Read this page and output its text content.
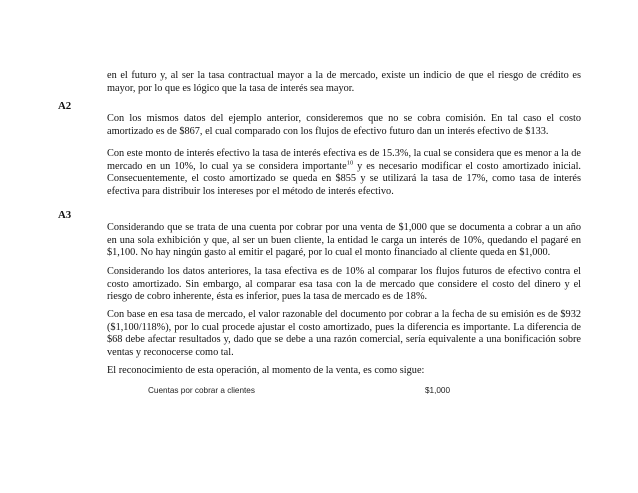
en el futuro y, al ser la tasa contractual mayor a la de mercado, existe un indicio de que el riesgo de crédito es mayor, por lo que es lógico que la tasa de interés sea mayor.

A2

Con los mismos datos del ejemplo anterior, consideremos que no se cobra comisión. En tal caso el costo amortizado es de $867, el cual comparado con los flujos de efectivo futuro dan un interés efectivo de $133.

Con este monto de interés efectivo la tasa de interés efectiva es de 15.3%, la cual se considera que es menor a la de mercado en un 10%, lo cual ya se considera importante$^{10}$ y es necesario modificar el costo amortizado inicial. Consecuentemente, el costo amortizado se queda en $855 y se utilizará la tasa de 17%, como tasa de interés efectiva para distribuir los intereses por el método de interés efectivo.

A3

Considerando que se trata de una cuenta por cobrar por una venta de $1,000 que se documenta a cobrar a un año en una sola exhibición y que, al ser un buen cliente, la entidad le carga un interés de 10%, quedando el pagaré en $1,100. No hay ningún gasto al emitir el pagaré, por lo cual el monto financiado al cliente queda en $1,000.

Considerando los datos anteriores, la tasa efectiva es de 10% al comparar los flujos futuros de efectivo contra el costo amortizado. Sin embargo, al comparar esa tasa con la de mercado que considere el costo del dinero y el riesgo de cobro inherente, ésta es inferior, pues la tasa de mercado es de 18%.

Con base en esa tasa de mercado, el valor razonable del documento por cobrar a la fecha de su emisión es de $932 ($1,100/118%), por lo cual procede ajustar el costo amortizado, pues la diferencia es importante. La diferencia de $68 debe afectar resultados y, dado que se debe a una razón comercial, sería equivalente a una bonificación sobre ventas y reconocerse como tal.

El reconocimiento de esta operación, al momento de la venta, es como sigue:

Cuentas por cobrar a clientes	$1,000
